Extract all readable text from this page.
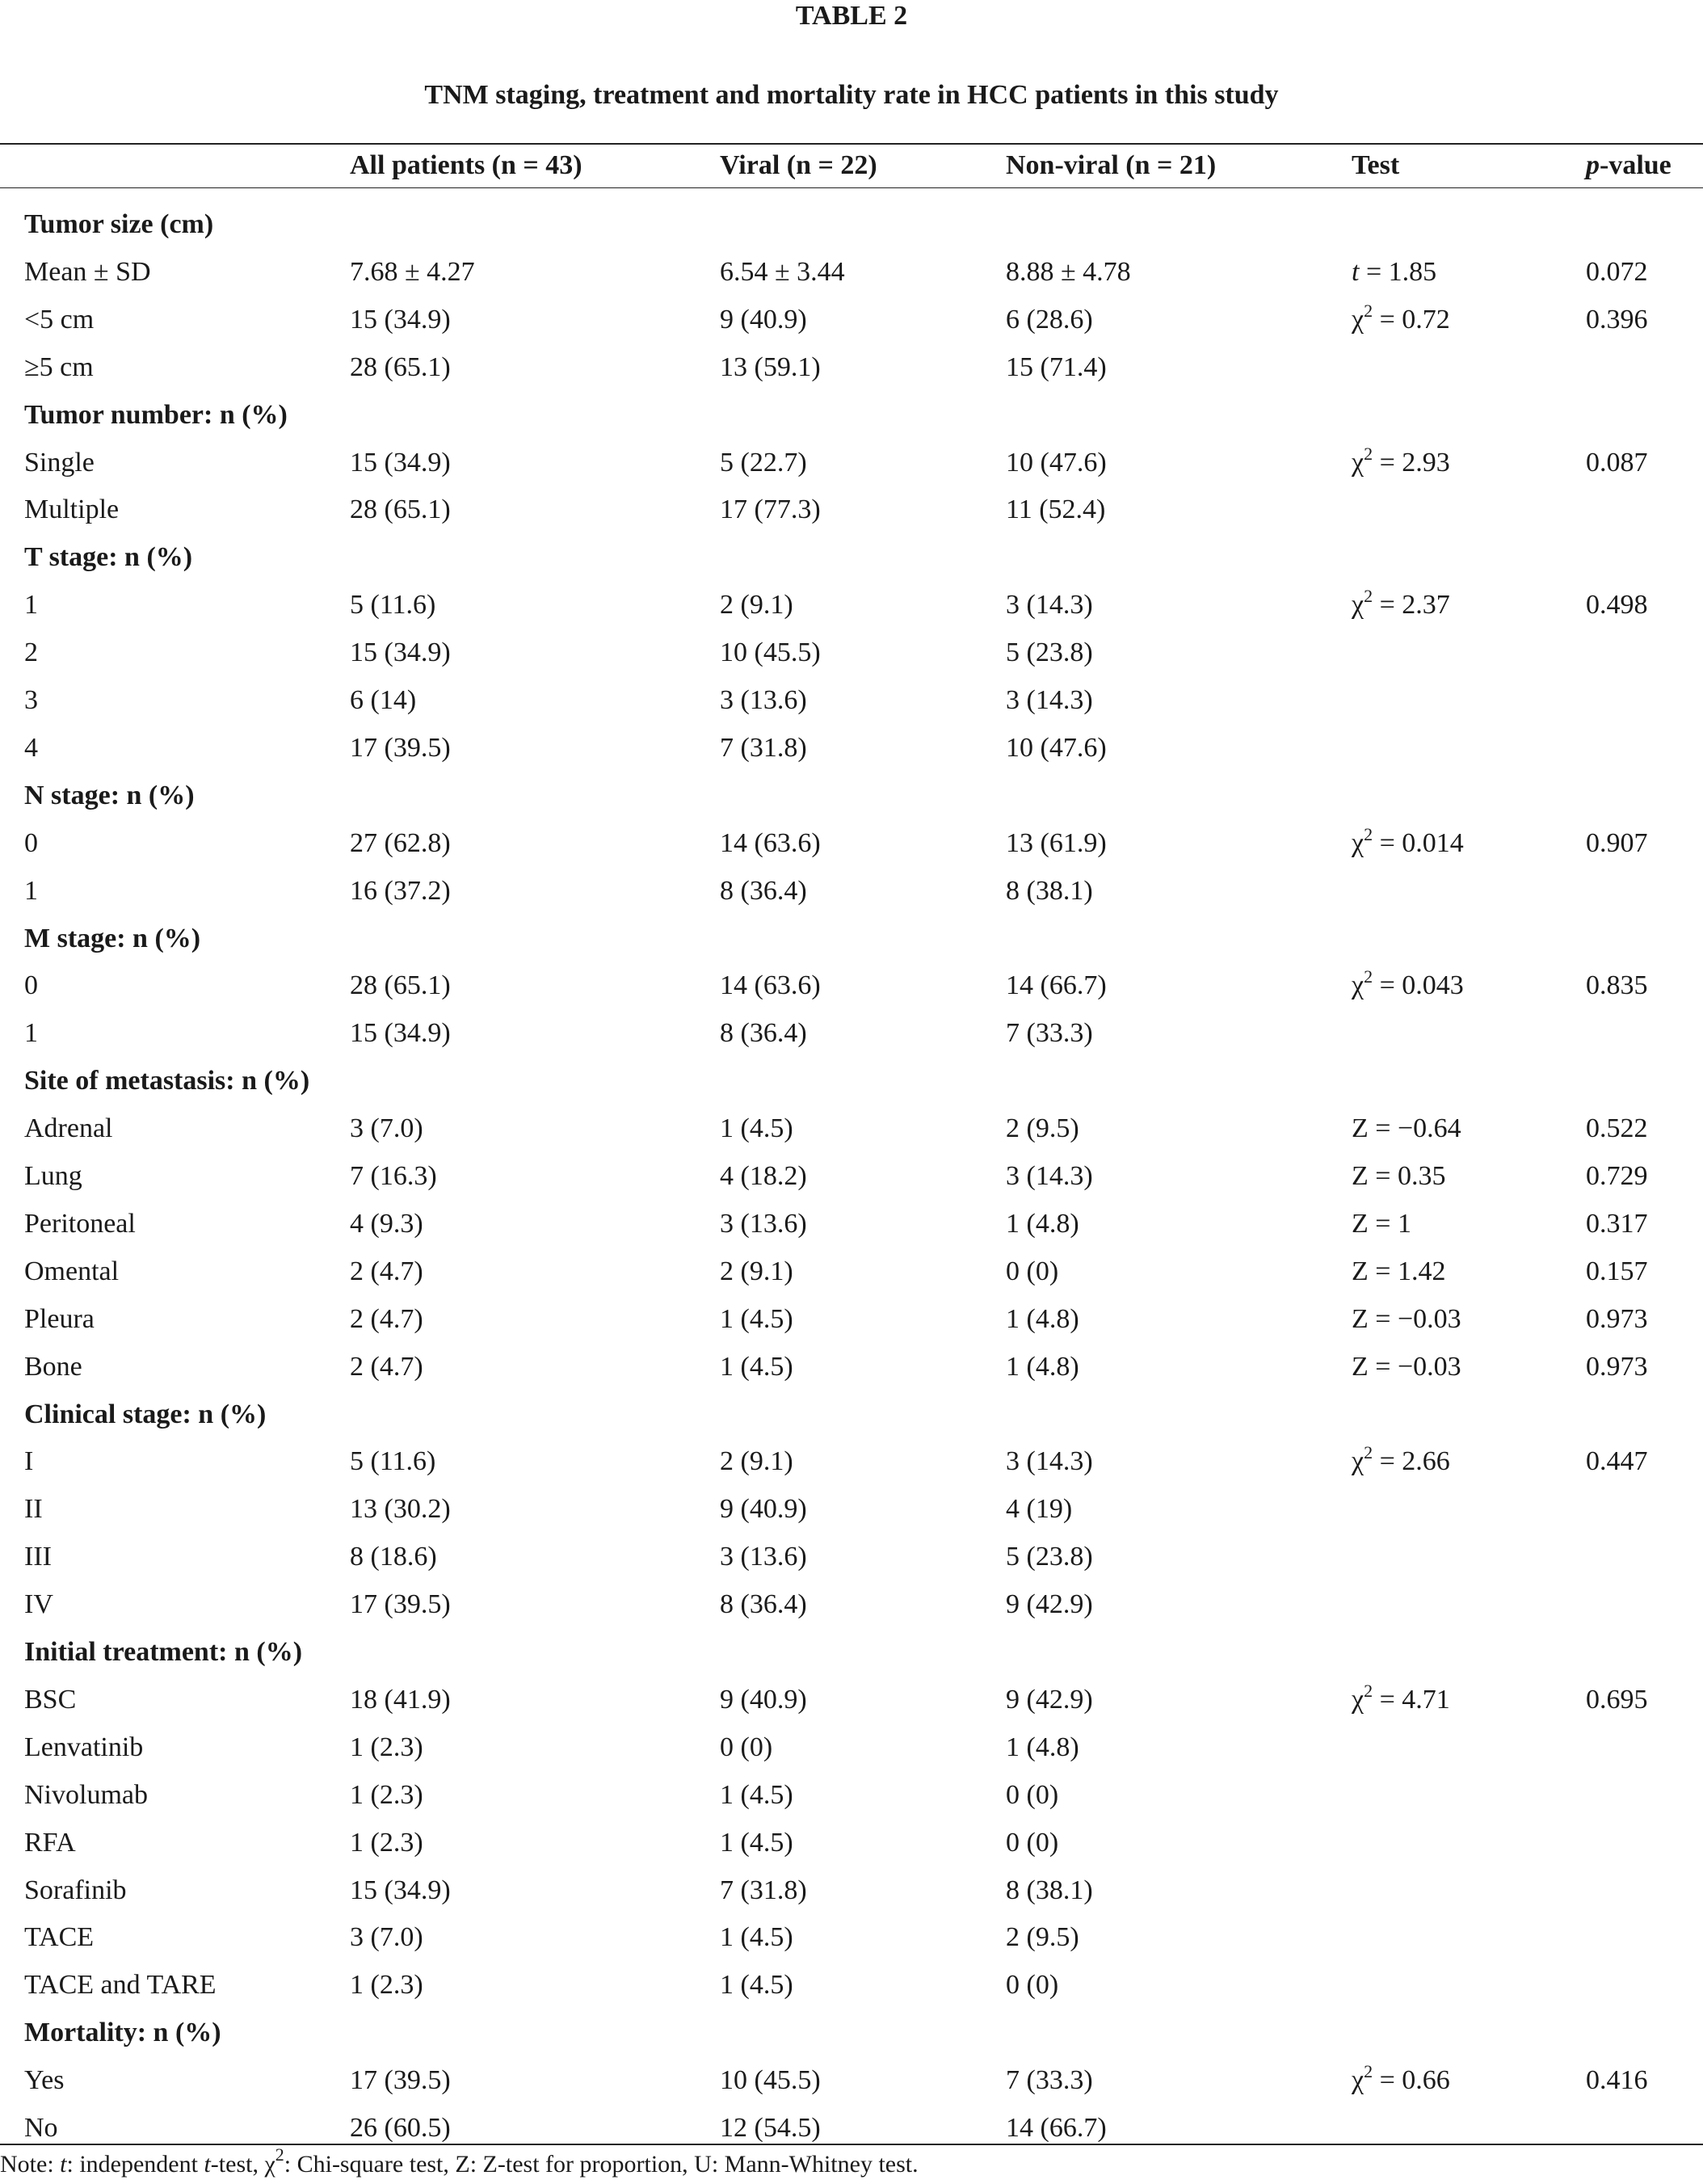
TABLE 2
TNM staging, treatment and mortality rate in HCC patients in this study
All patients (n = 43)	Viral (n = 22)	Non-viral (n = 21)	Test	p-value
Tumor size (cm)
Mean ± SD	7.68 ± 4.27	6.54 ± 3.44	8.88 ± 4.78	t = 1.85	0.072
<5 cm	15 (34.9)	9 (40.9)	6 (28.6)	$\chi^2 = 0.72$	0.396
≥5 cm	28 (65.1)	13 (59.1)	15 (71.4)
Tumor number: n (%)
Single	15 (34.9)	5 (22.7)	10 (47.6)	$\chi^2 = 2.93$	0.087
Multiple	28 (65.1)	17 (77.3)	11 (52.4)
T stage: n (%)
1	5 (11.6)	2 (9.1)	3 (14.3)	$\chi^2 = 2.37$	0.498
2	15 (34.9)	10 (45.5)	5 (23.8)
3	6 (14)	3 (13.6)	3 (14.3)
4	17 (39.5)	7 (31.8)	10 (47.6)
N stage: n (%)
0	27 (62.8)	14 (63.6)	13 (61.9)	$\chi^2 = 0.014$	0.907
1	16 (37.2)	8 (36.4)	8 (38.1)
M stage: n (%)
0	28 (65.1)	14 (63.6)	14 (66.7)	$\chi^2 = 0.043$	0.835
1	15 (34.9)	8 (36.4)	7 (33.3)
Site of metastasis: n (%)
Adrenal	3 (7.0)	1 (4.5)	2 (9.5)	Z = −0.64	0.522
Lung	7 (16.3)	4 (18.2)	3 (14.3)	Z = 0.35	0.729
Peritoneal	4 (9.3)	3 (13.6)	1 (4.8)	Z = 1	0.317
Omental	2 (4.7)	2 (9.1)	0 (0)	Z = 1.42	0.157
Pleura	2 (4.7)	1 (4.5)	1 (4.8)	Z = −0.03	0.973
Bone	2 (4.7)	1 (4.5)	1 (4.8)	Z = −0.03	0.973
Clinical stage: n (%)
I	5 (11.6)	2 (9.1)	3 (14.3)	$\chi^2 = 2.66$	0.447
II	13 (30.2)	9 (40.9)	4 (19)
III	8 (18.6)	3 (13.6)	5 (23.8)
IV	17 (39.5)	8 (36.4)	9 (42.9)
Initial treatment: n (%)
BSC	18 (41.9)	9 (40.9)	9 (42.9)	$\chi^2 = 4.71$	0.695
Lenvatinib	1 (2.3)	0 (0)	1 (4.8)
Nivolumab	1 (2.3)	1 (4.5)	0 (0)
RFA	1 (2.3)	1 (4.5)	0 (0)
Sorafinib	15 (34.9)	7 (31.8)	8 (38.1)
TACE	3 (7.0)	1 (4.5)	2 (9.5)
TACE and TARE	1 (2.3)	1 (4.5)	0 (0)
Mortality: n (%)
Yes	17 (39.5)	10 (45.5)	7 (33.3)	$\chi^2 = 0.66$	0.416
No	26 (60.5)	12 (54.5)	14 (66.7)
Note: t: independent t-test, $\chi^2$: Chi-square test, Z: Z-test for proportion, U: Mann-Whitney test.
